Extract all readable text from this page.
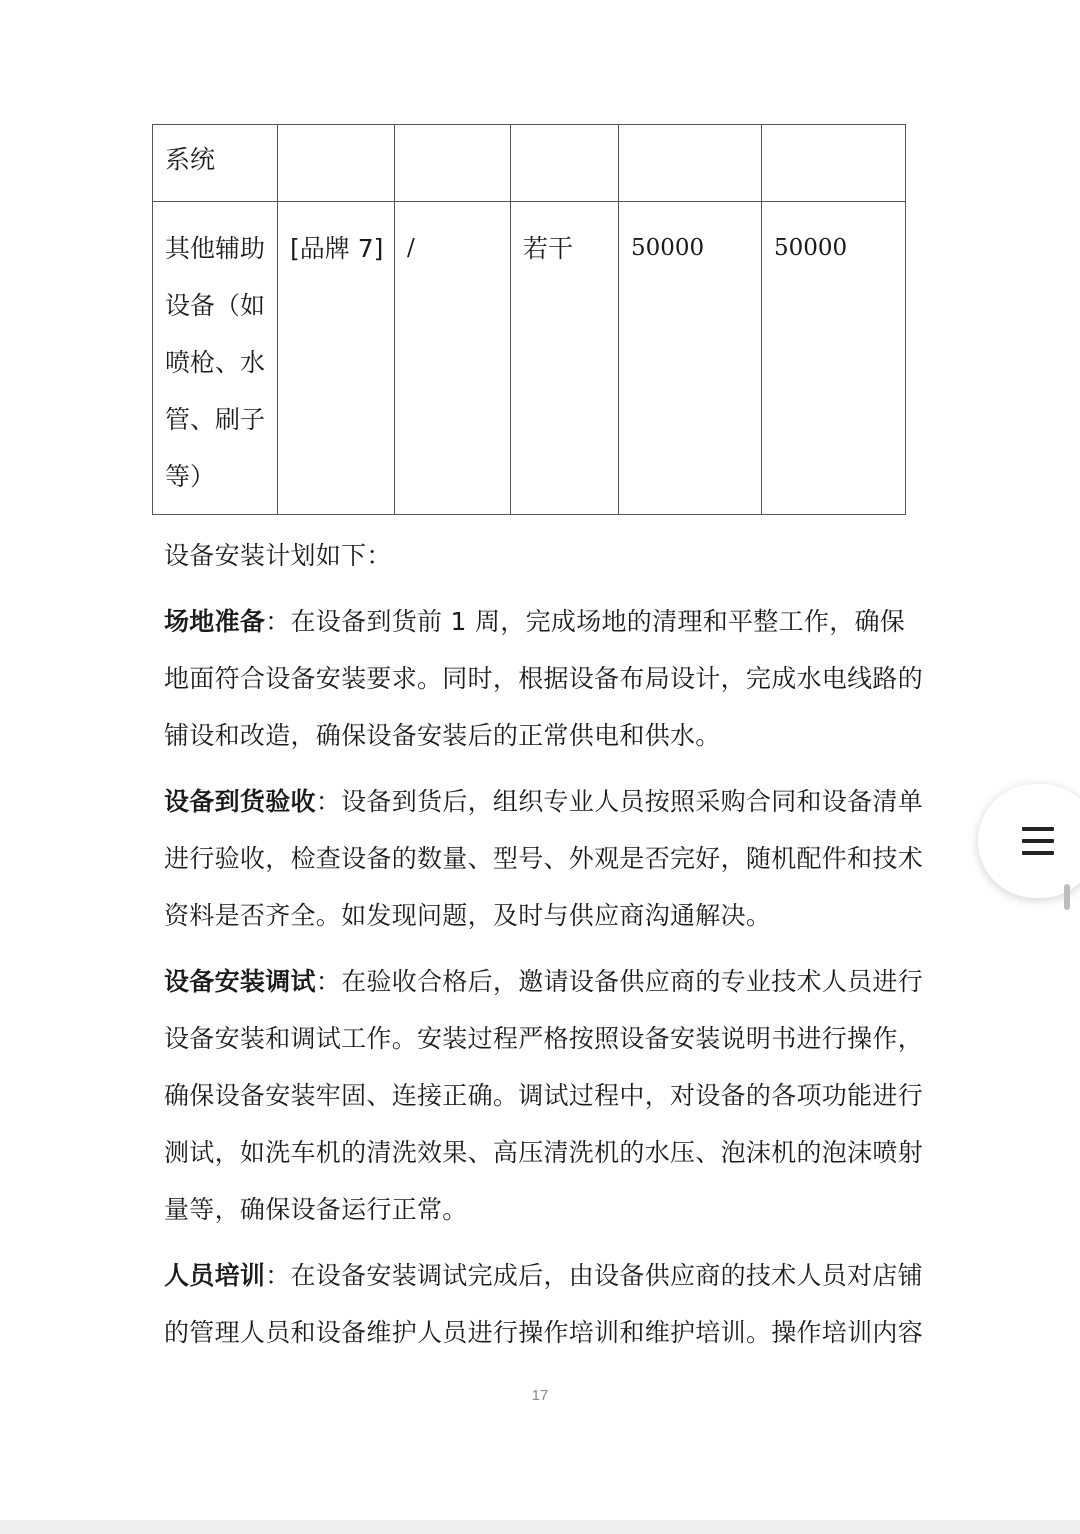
系统					

其他辅助
设备（如
喷枪、水
管、刷子
等）	[品牌 7]	/	若干	50000	50000
设备安装计划如下：
场地准备：在设备到货前 1 周，完成场地的清理和平整工作，确保
地面符合设备安装要求。同时，根据设备布局设计，完成水电线路的
铺设和改造，确保设备安装后的正常供电和供水。
设备到货验收：设备到货后，组织专业人员按照采购合同和设备清单
进行验收，检查设备的数量、型号、外观是否完好，随机配件和技术
资料是否齐全。如发现问题，及时与供应商沟通解决。
设备安装调试：在验收合格后，邀请设备供应商的专业技术人员进行
设备安装和调试工作。安装过程严格按照设备安装说明书进行操作，
确保设备安装牢固、连接正确。调试过程中，对设备的各项功能进行
测试，如洗车机的清洗效果、高压清洗机的水压、泡沫机的泡沫喷射
量等，确保设备运行正常。
人员培训：在设备安装调试完成后，由设备供应商的技术人员对店铺
的管理人员和设备维护人员进行操作培训和维护培训。操作培训内容
17
